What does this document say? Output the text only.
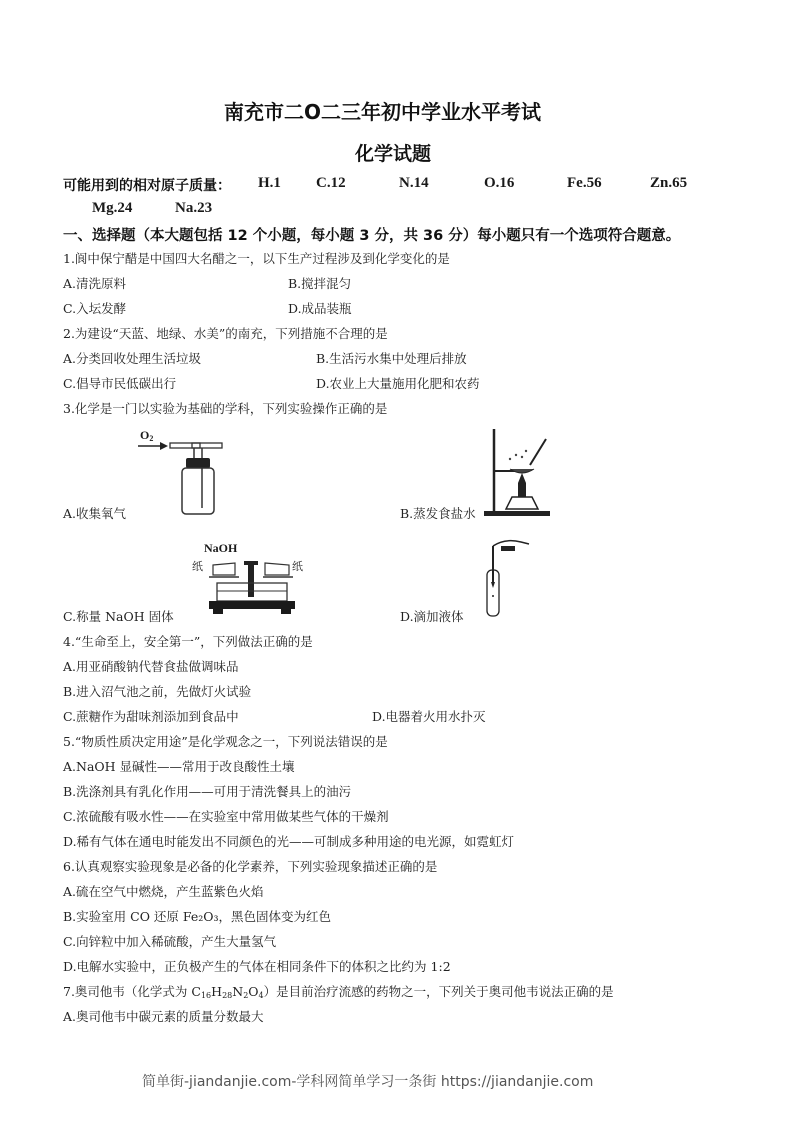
南充市二O二三年初中学业水平考试
化学试题
可能用到的相对原子质量： H.1 C.12	N.14	O.16	Fe.56	Zn.65
Mg.24	Na.23
一、选择题（本大题包括 12 个小题，每小题 3 分，共 36 分）每小题只有一个选项符合题意。
1.阆中保宁醋是中国四大名醋之一，以下生产过程涉及到化学变化的是
A.清洗原料	B.搅拌混匀
C.入坛发酵	D.成品装瓶
2.为建设“天蓝、地绿、水美”的南充，下列措施不合理的是
A.分类回收处理生活垃圾	B.生活污水集中处理后排放
C.倡导市民低碳出行	D.农业上大量施用化肥和农药
3.化学是一门以实验为基础的学科，下列实验操作正确的是
$O_2$
A.收集氧气	B.蒸发食盐水
NaOH
纸	纸
C.称量 NaOH 固体	D.滴加液体
4.“生命至上，安全第一”，下列做法正确的是
A.用亚硝酸钠代替食盐做调味品
B.进入沼气池之前，先做灯火试验
C.蔗糖作为甜味剂添加到食品中	D.电器着火用水扑灭
5.“物质性质决定用途”是化学观念之一，下列说法错误的是
A.NaOH 显碱性——常用于改良酸性土壤
B.洗涤剂具有乳化作用——可用于清洗餐具上的油污
C.浓硫酸有吸水性——在实验室中常用做某些气体的干燥剂
D.稀有气体在通电时能发出不同颜色的光——可制成多种用途的电光源，如霓虹灯
6.认真观察实验现象是必备的化学素养，下列实验现象描述正确的是
A.硫在空气中燃烧，产生蓝紫色火焰
B.实验室用 CO 还原 Fe₂O₃，黑色固体变为红色
C.向锌粒中加入稀硫酸，产生大量氢气
D.电解水实验中，正负极产生的气体在相同条件下的体积之比约为 1:2
7.奥司他韦（化学式为 $C_{16}H_{28}N_2O_4$）是目前治疗流感的药物之一，下列关于奥司他韦说法正确的是
A.奥司他韦中碳元素的质量分数最大
简单街-jiandanjie.com-学科网简单学习一条街 https://jiandanjie.com
